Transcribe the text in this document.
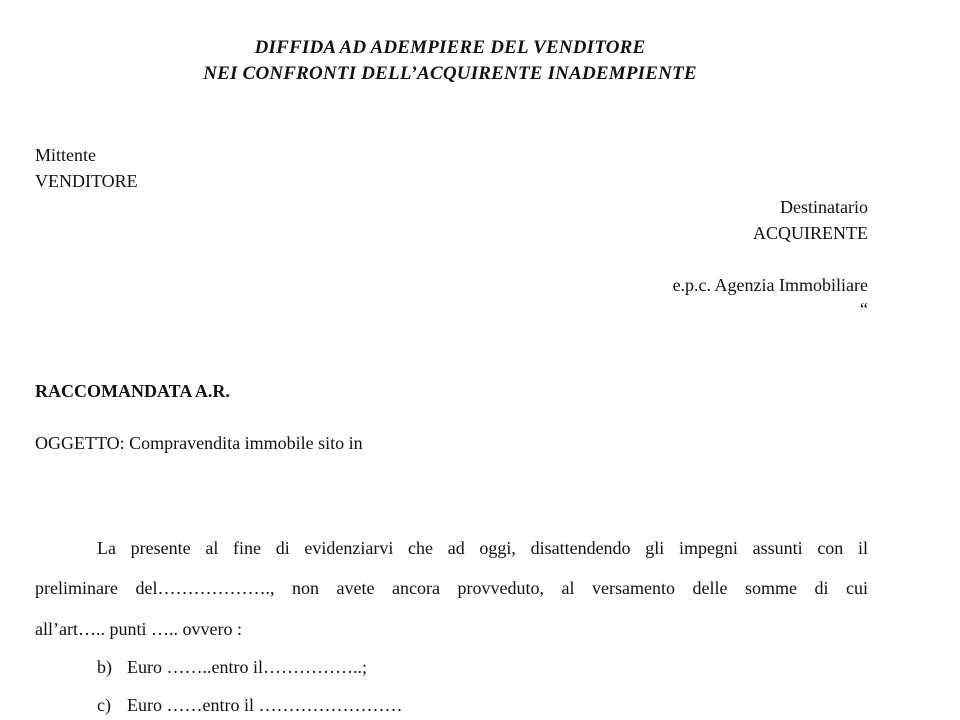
DIFFIDA AD ADEMPIERE DEL VENDITORE
NEI CONFRONTI DELL’ACQUIRENTE INADEMPIENTE
Mittente
VENDITORE
Destinatario
ACQUIRENTE
e.p.c. Agenzia Immobiliare
“
RACCOMANDATA A.R.
OGGETTO: Compravendita immobile sito in
La presente al fine di evidenziarvi che ad oggi, disattendendo gli impegni assunti con il
preliminare del………………., non avete ancora provveduto, al versamento delle somme di cui
all’art….. punti ….. ovvero :
b) Euro ……..entro il……………..;
c) Euro ……entro il ……………………
